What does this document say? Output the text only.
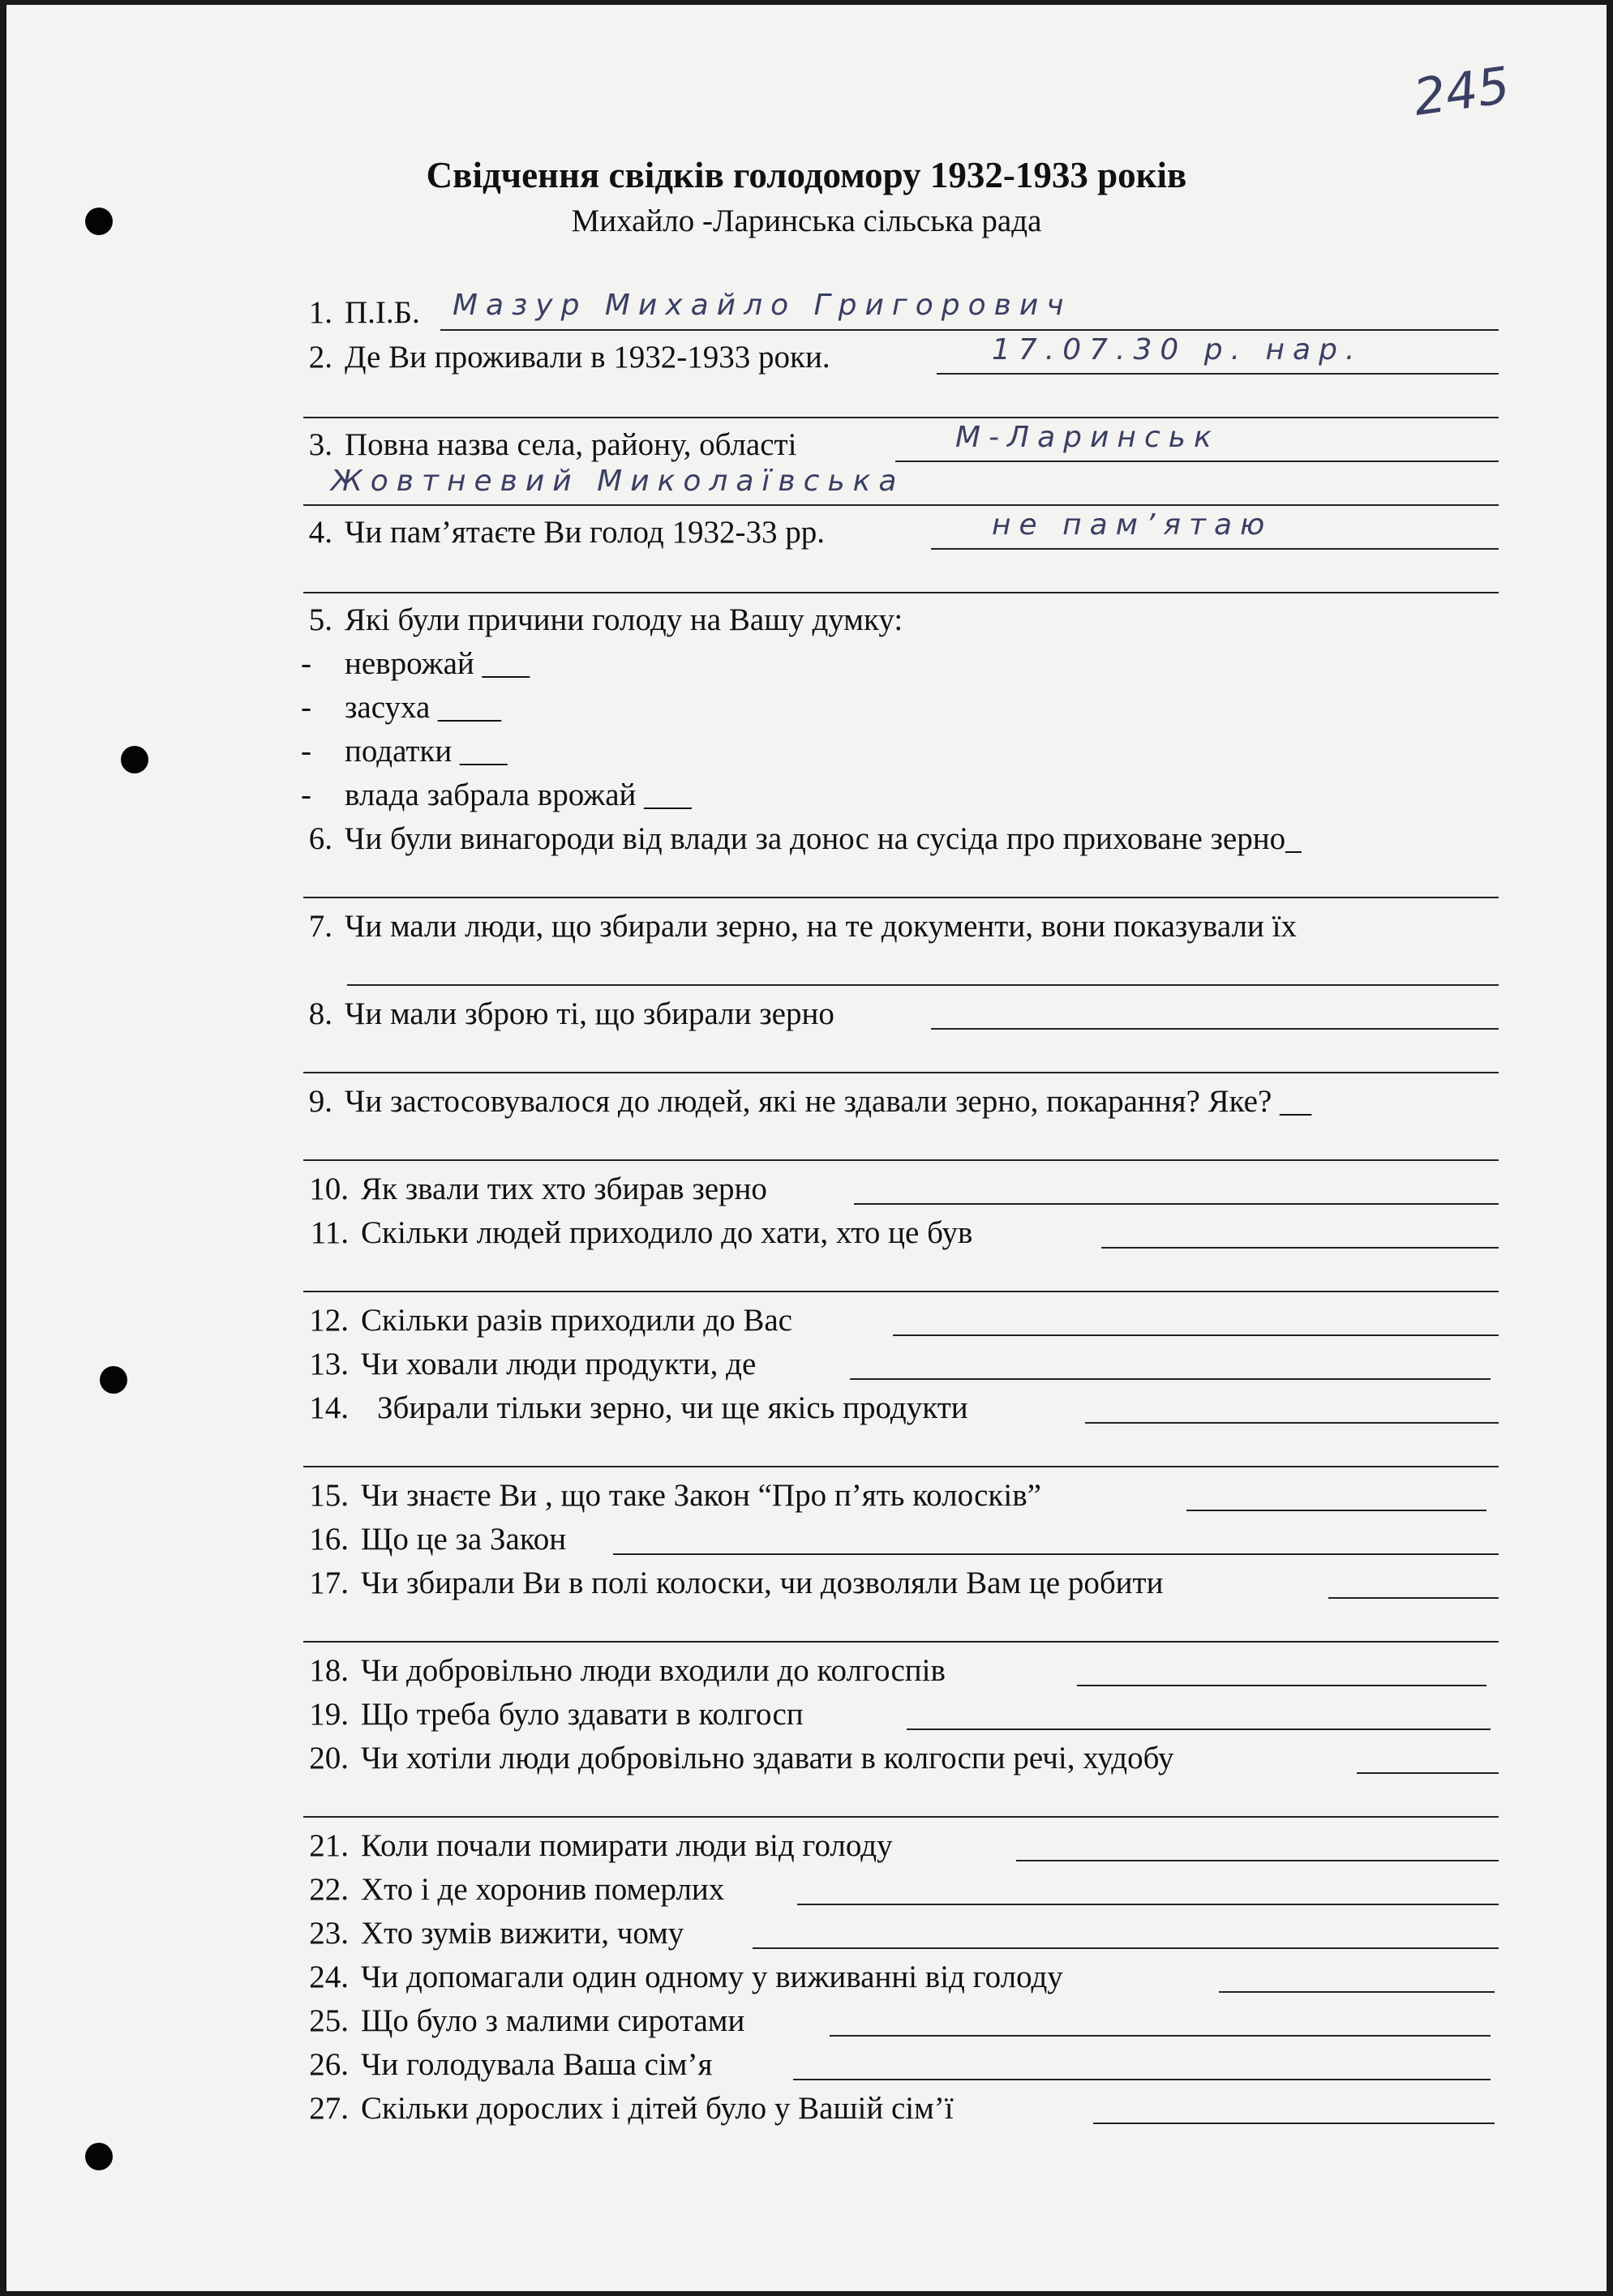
245
Свідчення свідків голодомору 1932-1933 років
Михайло -Ларинська сільська рада
1. П.І.Б. Мазур Михайло Григорович
2. Де Ви проживали в 1932-1933 роки.	17.07.30 р. нар.
3. Повна назва села, району, області	М-Ларинськ
Жовтневий Миколаївська
4. Чи пам’ятаєте Ви голод 1932-33 рр.	не пам’ятаю
5. Які були причини голоду на Вашу думку:
- неврожай ___
- засуха ____
- податки ___
- влада забрала врожай ___
6. Чи були винагороди від влади за донос на сусіда про приховане зерно_
7. Чи мали люди, що збирали зерно, на те документи, вони показували їх
8. Чи мали зброю ті, що збирали зерно
9. Чи застосовувалося до людей, які не здавали зерно, покарання? Яке? __
10. Як звали тих хто збирав зерно
11. Скільки людей приходило до хати, хто це був
12. Скільки разів приходили до Вас
13. Чи ховали люди продукти, де
14. Збирали тільки зерно, чи ще якісь продукти
15. Чи знаєте Ви , що таке Закон “Про п’ять колосків”
16. Що це за Закон
17. Чи збирали Ви в полі колоски, чи дозволяли Вам це робити
18. Чи добровільно люди входили до колгоспів
19. Що треба було здавати в колгосп
20. Чи хотіли люди добровільно здавати в колгоспи речі, худобу
21. Коли почали помирати люди від голоду
22. Хто і де хоронив померлих
23. Хто зумів вижити, чому
24. Чи допомагали один одному у виживанні від голоду
25. Що було з малими сиротами
26. Чи голодувала Ваша сім’я
27. Скільки дорослих і дітей було у Вашій сім’ї
